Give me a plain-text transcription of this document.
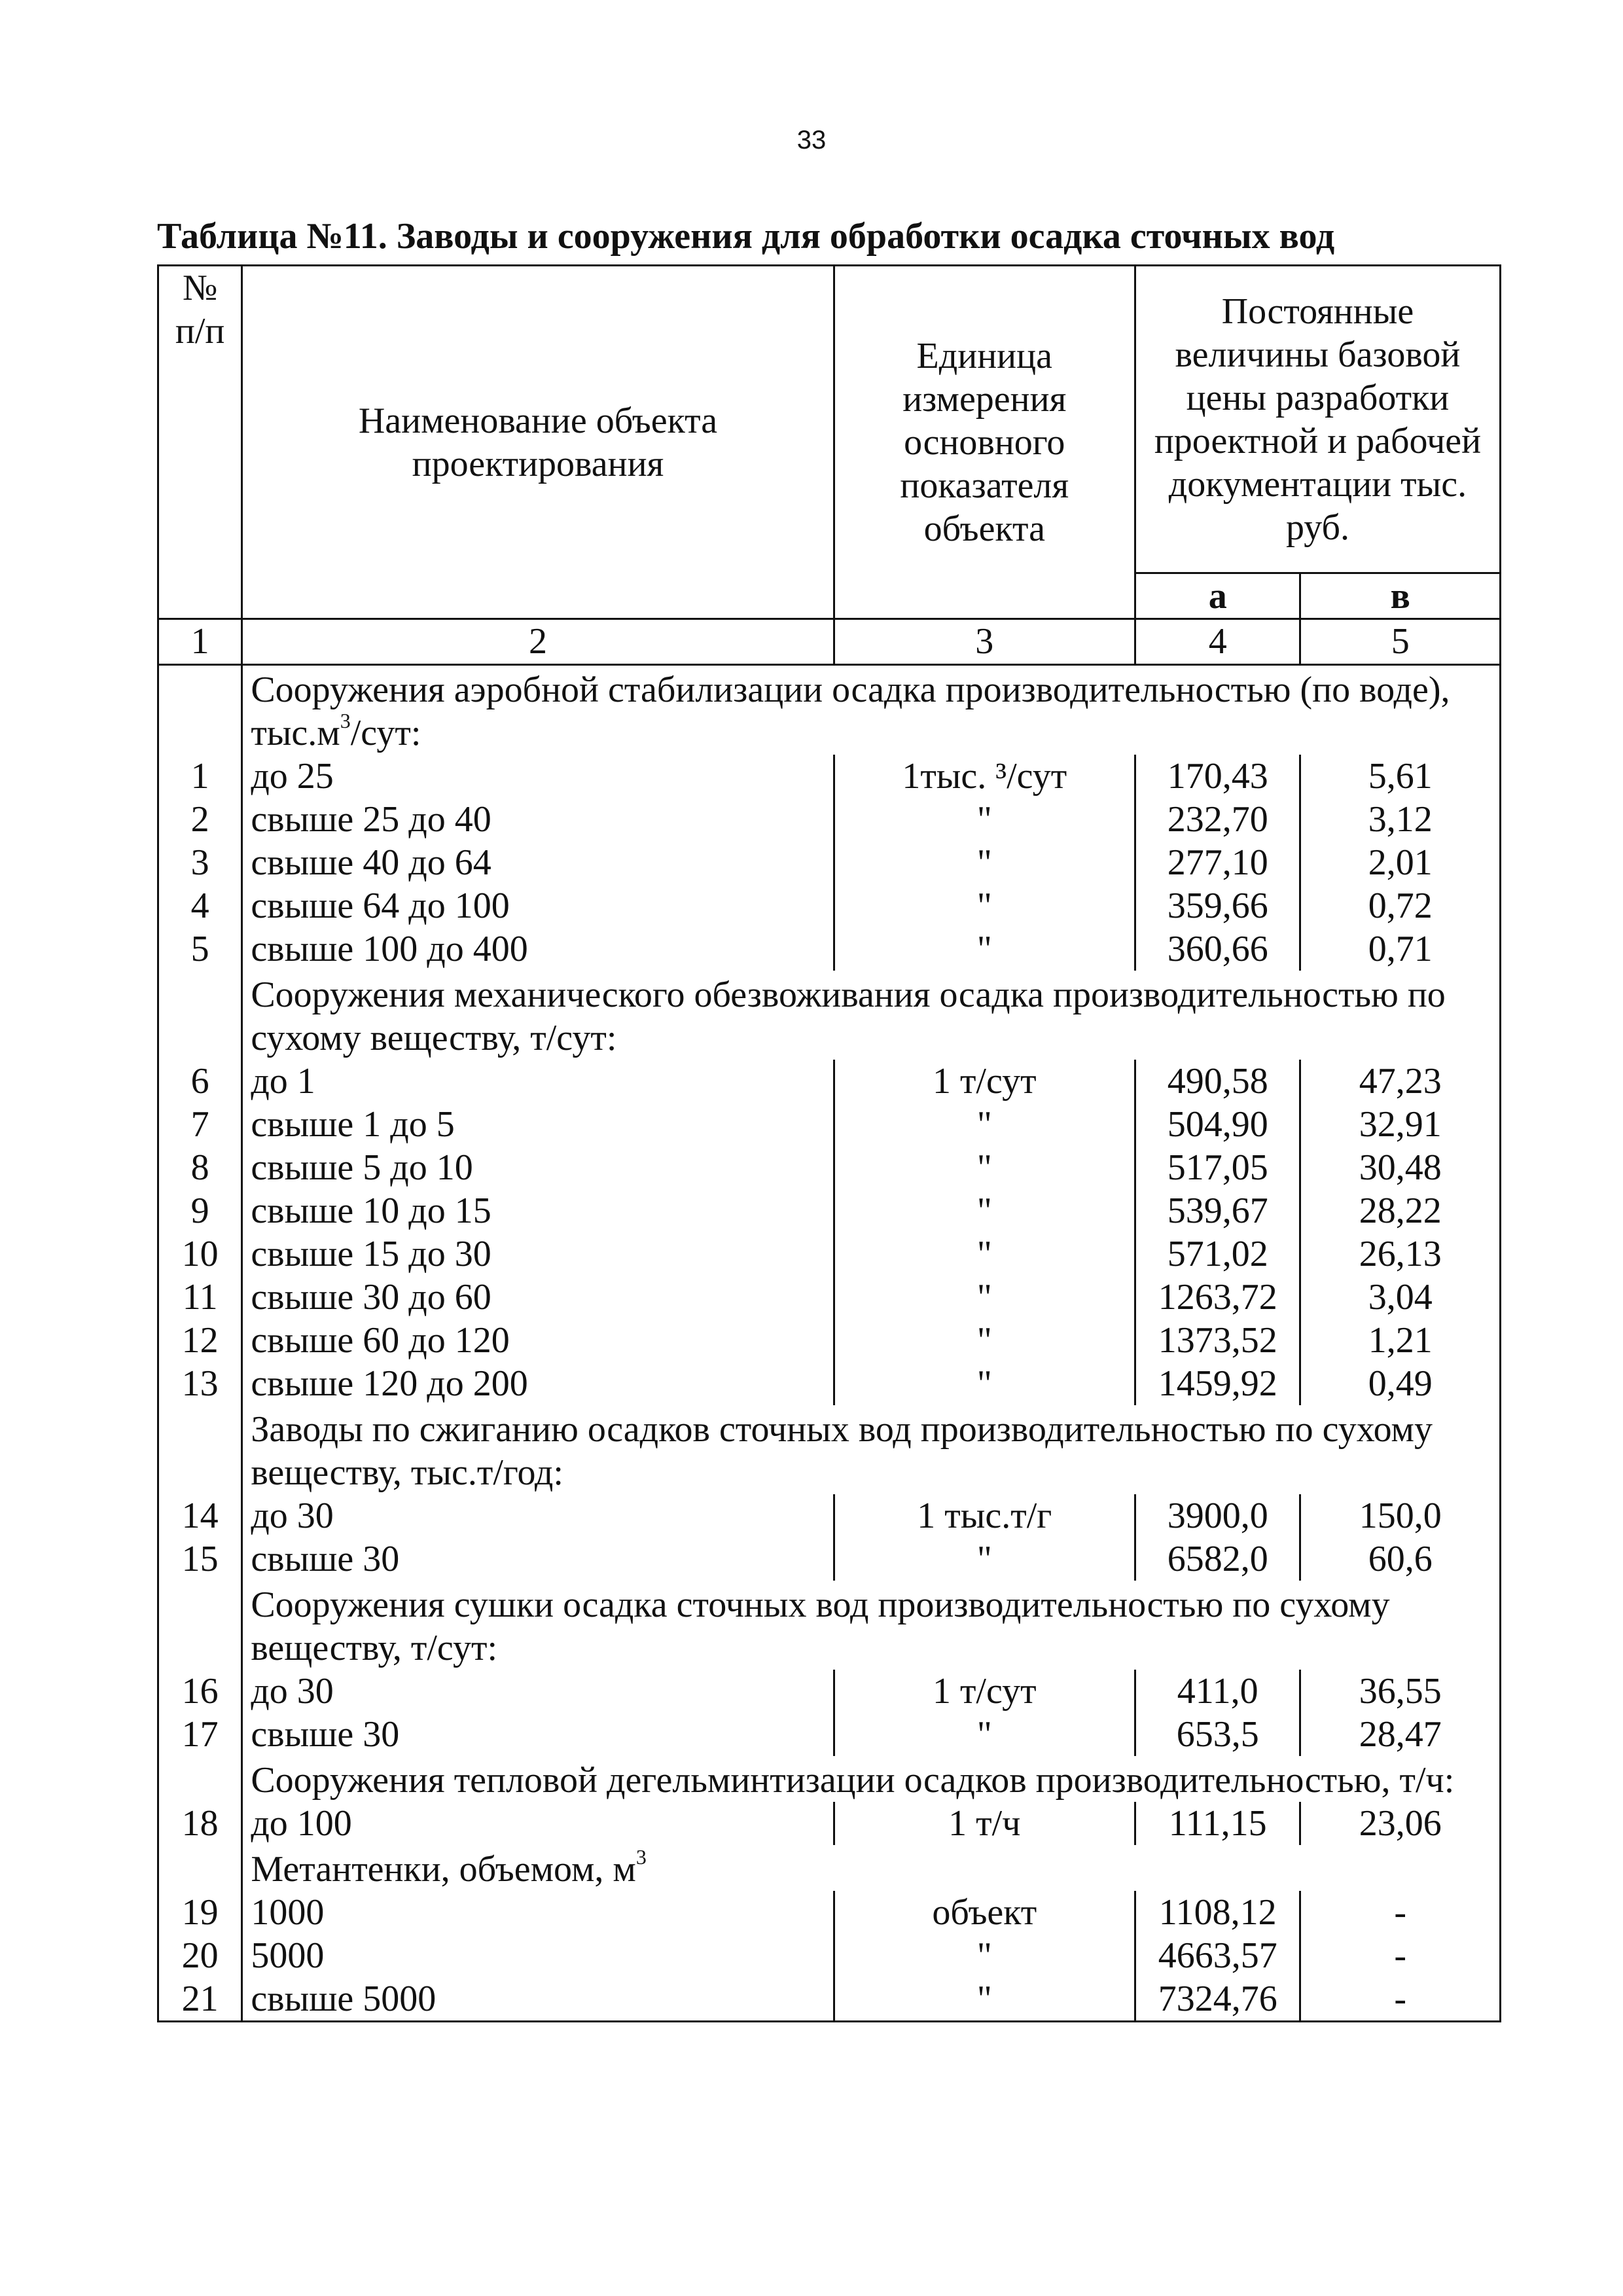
33
Таблица №11. Заводы и сооружения для обработки осадка сточных вод
№ п/п	Наименование объекта проектирования	Единица измерения основного показателя объекта	Постоянные величины базовой цены разработки проектной и рабочей документации тыс. руб.	
			а	в
1	2	3	4	5
	Сооружения аэробной стабилизации осадка производительностью (по воде), $тыс.м^3$/сут:			
1	до 25	1тыс. ³/сут	170,43	5,61
2	свыше 25 до 40	"	232,70	3,12
3	свыше 40 до 64	"	277,10	2,01
4	свыше 64 до 100	"	359,66	0,72
5	свыше 100 до 400	"	360,66	0,71
	Сооружения механического обезвоживания осадка производительностью по сухому веществу, т/сут:			
6	до 1	1 т/сут	490,58	47,23
7	свыше 1 до 5	"	504,90	32,91
8	свыше 5 до 10	"	517,05	30,48
9	свыше 10 до 15	"	539,67	28,22
10	свыше 15 до 30	"	571,02	26,13
11	свыше 30 до 60	"	1263,72	3,04
12	свыше 60 до 120	"	1373,52	1,21
13	свыше 120 до 200	"	1459,92	0,49
	Заводы по сжиганию осадков сточных вод производительностью по сухому веществу, тыс.т/год:			
14	до 30	1 тыс.т/г	3900,0	150,0
15	свыше 30	"	6582,0	60,6
	Сооружения сушки осадка сточных вод производительностью по сухому веществу, т/сут:			
16	до 30	1 т/сут	411,0	36,55
17	свыше 30	"	653,5	28,47
	Сооружения тепловой дегельминтизации осадков производительностью, т/ч:			
18	до 100	1 т/ч	111,15	23,06
	Метантенки, объемом, $м^3$
19	1000	объект	1108,12	-
20	5000	"	4663,57	-
21	свыше 5000	"	7324,76	-
